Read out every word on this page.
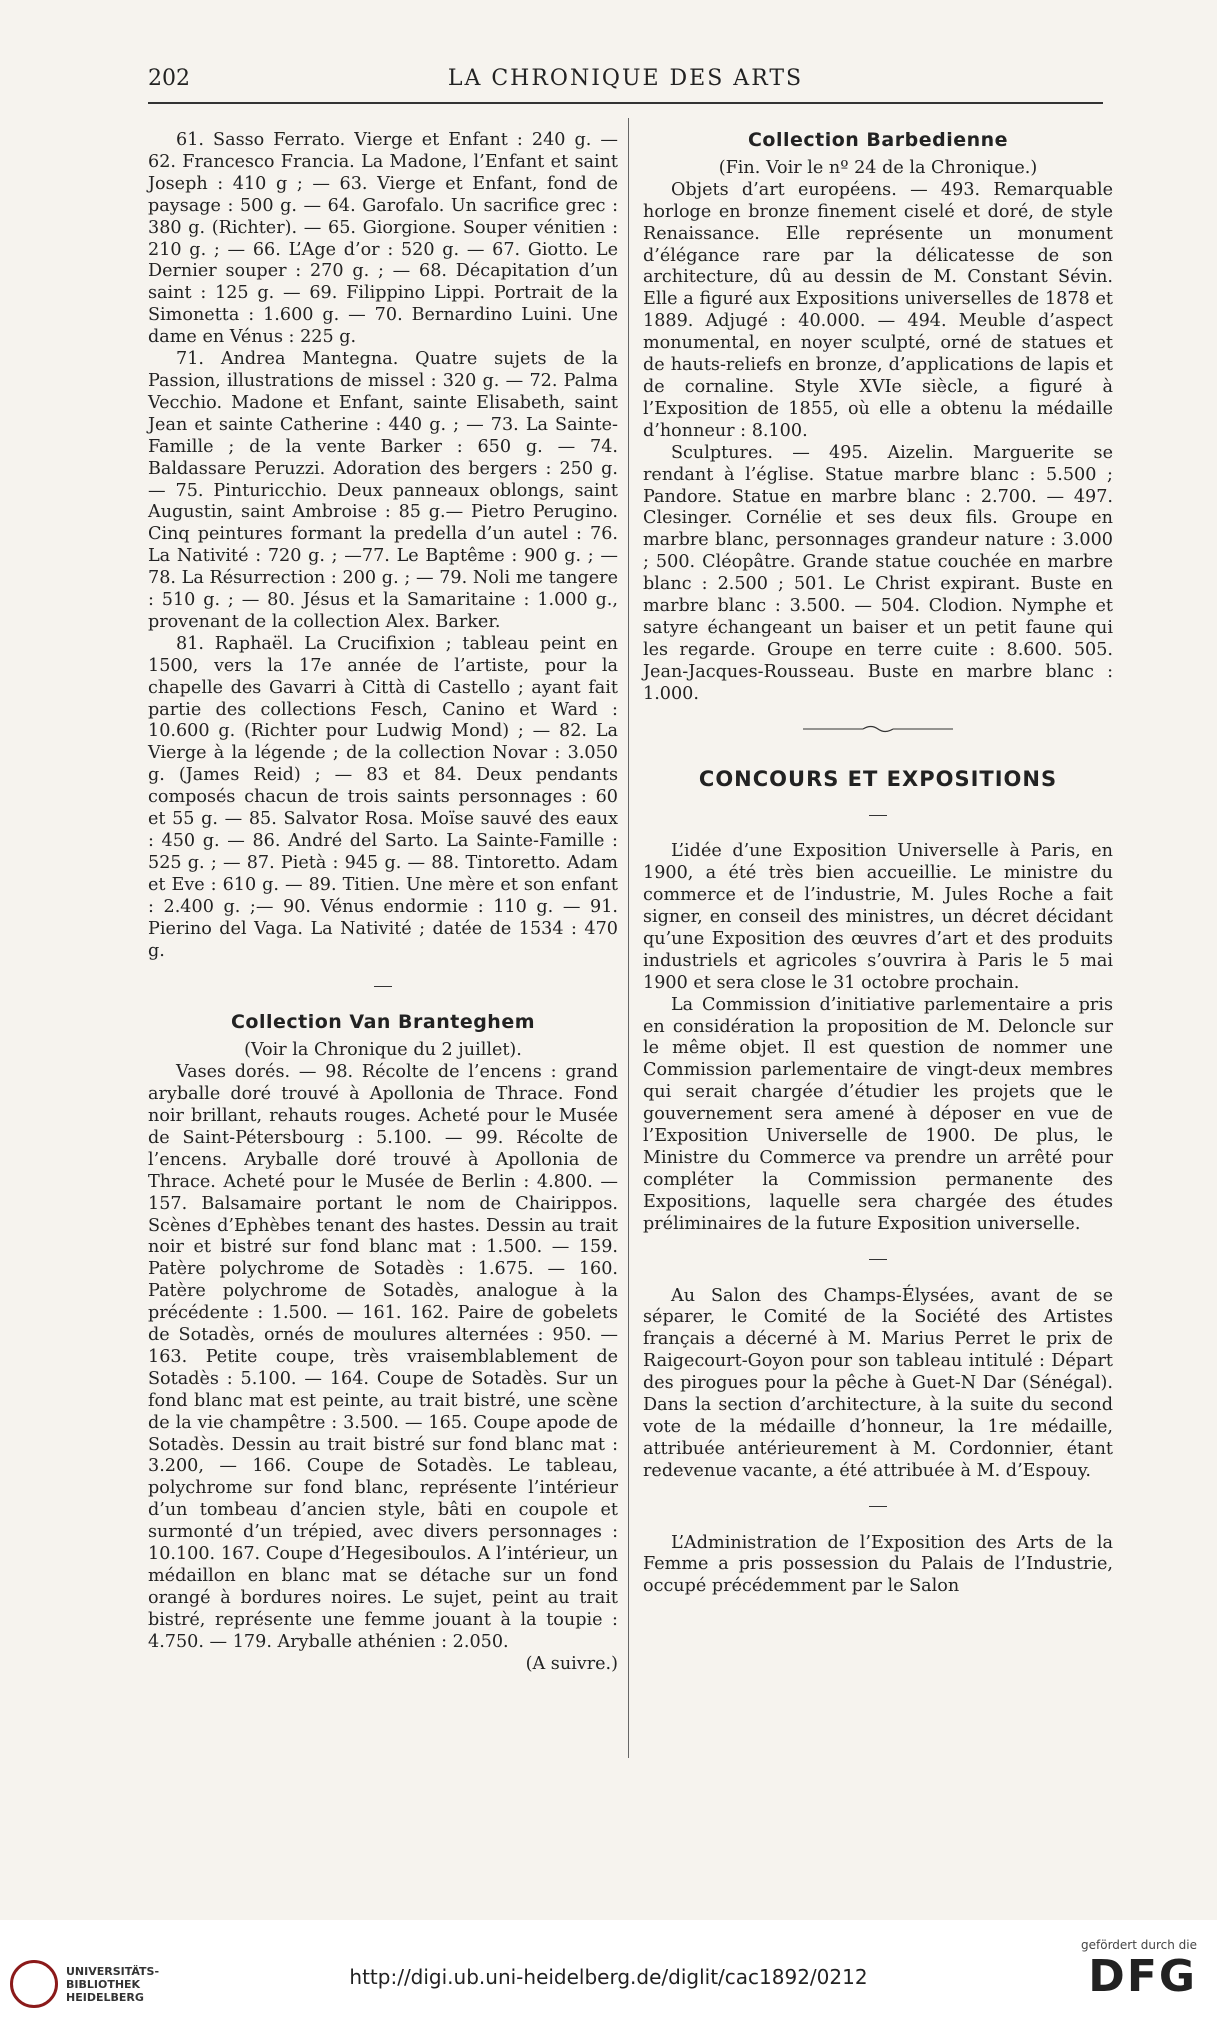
202	LA CHRONIQUE DES ARTS

61. Sasso Ferrato. Vierge et Enfant : 240 g. — 62. Francesco Francia. La Madone, l’Enfant et saint Joseph : 410 g ; — 63. Vierge et Enfant, fond de paysage : 500 g. — 64. Garofalo. Un sacrifice grec : 380 g. (Richter). — 65. Giorgione. Souper vénitien : 210 g. ; — 66. L’Age d’or : 520 g. — 67. Giotto. Le Dernier souper : 270 g. ; — 68. Décapitation d’un saint : 125 g. — 69. Filippino Lippi. Portrait de la Simonetta : 1.600 g. — 70. Bernardino Luini. Une dame en Vénus : 225 g.

71. Andrea Mantegna. Quatre sujets de la Passion, illustrations de missel : 320 g. — 72. Palma Vecchio. Madone et Enfant, sainte Elisabeth, saint Jean et sainte Catherine : 440 g. ; — 73. La Sainte-Famille ; de la vente Barker : 650 g. — 74. Baldassare Peruzzi. Adoration des bergers : 250 g. — 75. Pinturicchio. Deux panneaux oblongs, saint Augustin, saint Ambroise : 85 g.— Pietro Perugino. Cinq peintures formant la predella d’un autel : 76. La Nativité : 720 g. ; —77. Le Baptême : 900 g. ; — 78. La Résurrection : 200 g. ; — 79. Noli me tangere : 510 g. ; — 80. Jésus et la Samaritaine : 1.000 g., provenant de la collection Alex. Barker.

81. Raphaël. La Crucifixion ; tableau peint en 1500, vers la 17e année de l’artiste, pour la chapelle des Gavarri à Città di Castello ; ayant fait partie des collections Fesch, Canino et Ward : 10.600 g. (Richter pour Ludwig Mond) ; — 82. La Vierge à la légende ; de la collection Novar : 3.050 g. (James Reid) ; — 83 et 84. Deux pendants composés chacun de trois saints personnages : 60 et 55 g. — 85. Salvator Rosa. Moïse sauvé des eaux : 450 g. — 86. André del Sarto. La Sainte-Famille : 525 g. ; — 87. Pietà : 945 g. — 88. Tintoretto. Adam et Eve : 610 g. — 89. Titien. Une mère et son enfant : 2.400 g. ;— 90. Vénus endormie : 110 g. — 91. Pierino del Vaga. La Nativité ; datée de 1534 : 470 g.

Collection Van Branteghem

(Voir la Chronique du 2 juillet).

Vases dorés. — 98. Récolte de l’encens : grand aryballe doré trouvé à Apollonia de Thrace. Fond noir brillant, rehauts rouges. Acheté pour le Musée de Saint-Pétersbourg : 5.100. — 99. Récolte de l’encens. Aryballe doré trouvé à Apollonia de Thrace. Acheté pour le Musée de Berlin : 4.800. — 157. Balsamaire portant le nom de Chairippos. Scènes d’Ephèbes tenant des hastes. Dessin au trait noir et bistré sur fond blanc mat : 1.500. — 159. Patère polychrome de Sotadès : 1.675. — 160. Patère polychrome de Sotadès, analogue à la précédente : 1.500. — 161. 162. Paire de gobelets de Sotadès, ornés de moulures alternées : 950. — 163. Petite coupe, très vraisemblablement de Sotadès : 5.100. — 164. Coupe de Sotadès. Sur un fond blanc mat est peinte, au trait bistré, une scène de la vie champêtre : 3.500. — 165. Coupe apode de Sotadès. Dessin au trait bistré sur fond blanc mat : 3.200, — 166. Coupe de Sotadès. Le tableau, polychrome sur fond blanc, représente l’intérieur d’un tombeau d’ancien style, bâti en coupole et surmonté d’un trépied, avec divers personnages : 10.100. 167. Coupe d’Hegesiboulos. A l’intérieur, un médaillon en blanc mat se détache sur un fond orangé à bordures noires. Le sujet, peint au trait bistré, représente une femme jouant à la toupie : 4.750. — 179. Aryballe athénien : 2.050.

(A suivre.)

Collection Barbedienne

(Fin. Voir le nº 24 de la Chronique.)

Objets d’art européens. — 493. Remarquable horloge en bronze finement ciselé et doré, de style Renaissance. Elle représente un monument d’élégance rare par la délicatesse de son architecture, dû au dessin de M. Constant Sévin. Elle a figuré aux Expositions universelles de 1878 et 1889. Adjugé : 40.000. — 494. Meuble d’aspect monumental, en noyer sculpté, orné de statues et de hauts-reliefs en bronze, d’applications de lapis et de cornaline. Style XVIe siècle, a figuré à l’Exposition de 1855, où elle a obtenu la médaille d’honneur : 8.100.

Sculptures. — 495. Aizelin. Marguerite se rendant à l’église. Statue marbre blanc : 5.500 ; Pandore. Statue en marbre blanc : 2.700. — 497. Clesinger. Cornélie et ses deux fils. Groupe en marbre blanc, personnages grandeur nature : 3.000 ; 500. Cléopâtre. Grande statue couchée en marbre blanc : 2.500 ; 501. Le Christ expirant. Buste en marbre blanc : 3.500. — 504. Clodion. Nymphe et satyre échangeant un baiser et un petit faune qui les regarde. Groupe en terre cuite : 8.600. 505. Jean-Jacques-Rousseau. Buste en marbre blanc : 1.000.

CONCOURS ET EXPOSITIONS

L’idée d’une Exposition Universelle à Paris, en 1900, a été très bien accueillie. Le ministre du commerce et de l’industrie, M. Jules Roche a fait signer, en conseil des ministres, un décret décidant qu’une Exposition des œuvres d’art et des produits industriels et agricoles s’ouvrira à Paris le 5 mai 1900 et sera close le 31 octobre prochain.

La Commission d’initiative parlementaire a pris en considération la proposition de M. Deloncle sur le même objet. Il est question de nommer une Commission parlementaire de vingt-deux membres qui serait chargée d’étudier les projets que le gouvernement sera amené à déposer en vue de l’Exposition Universelle de 1900. De plus, le Ministre du Commerce va prendre un arrêté pour compléter la Commission permanente des Expositions, laquelle sera chargée des études préliminaires de la future Exposition universelle.

Au Salon des Champs-Élysées, avant de se séparer, le Comité de la Société des Artistes français a décerné à M. Marius Perret le prix de Raigecourt-Goyon pour son tableau intitulé : Départ des pirogues pour la pêche à Guet-N Dar (Sénégal). Dans la section d’architecture, à la suite du second vote de la médaille d’honneur, la 1re médaille, attribuée antérieurement à M. Cordonnier, étant redevenue vacante, a été attribuée à M. d’Espouy.

L’Administration de l’Exposition des Arts de la Femme a pris possession du Palais de l’Industrie, occupé précédemment par le Salon

UNIVERSITÄTS- BIBLIOTHEK HEIDELBERG
http://digi.ub.uni-heidelberg.de/diglit/cac1892/0212
gefördert durch die
DFG
